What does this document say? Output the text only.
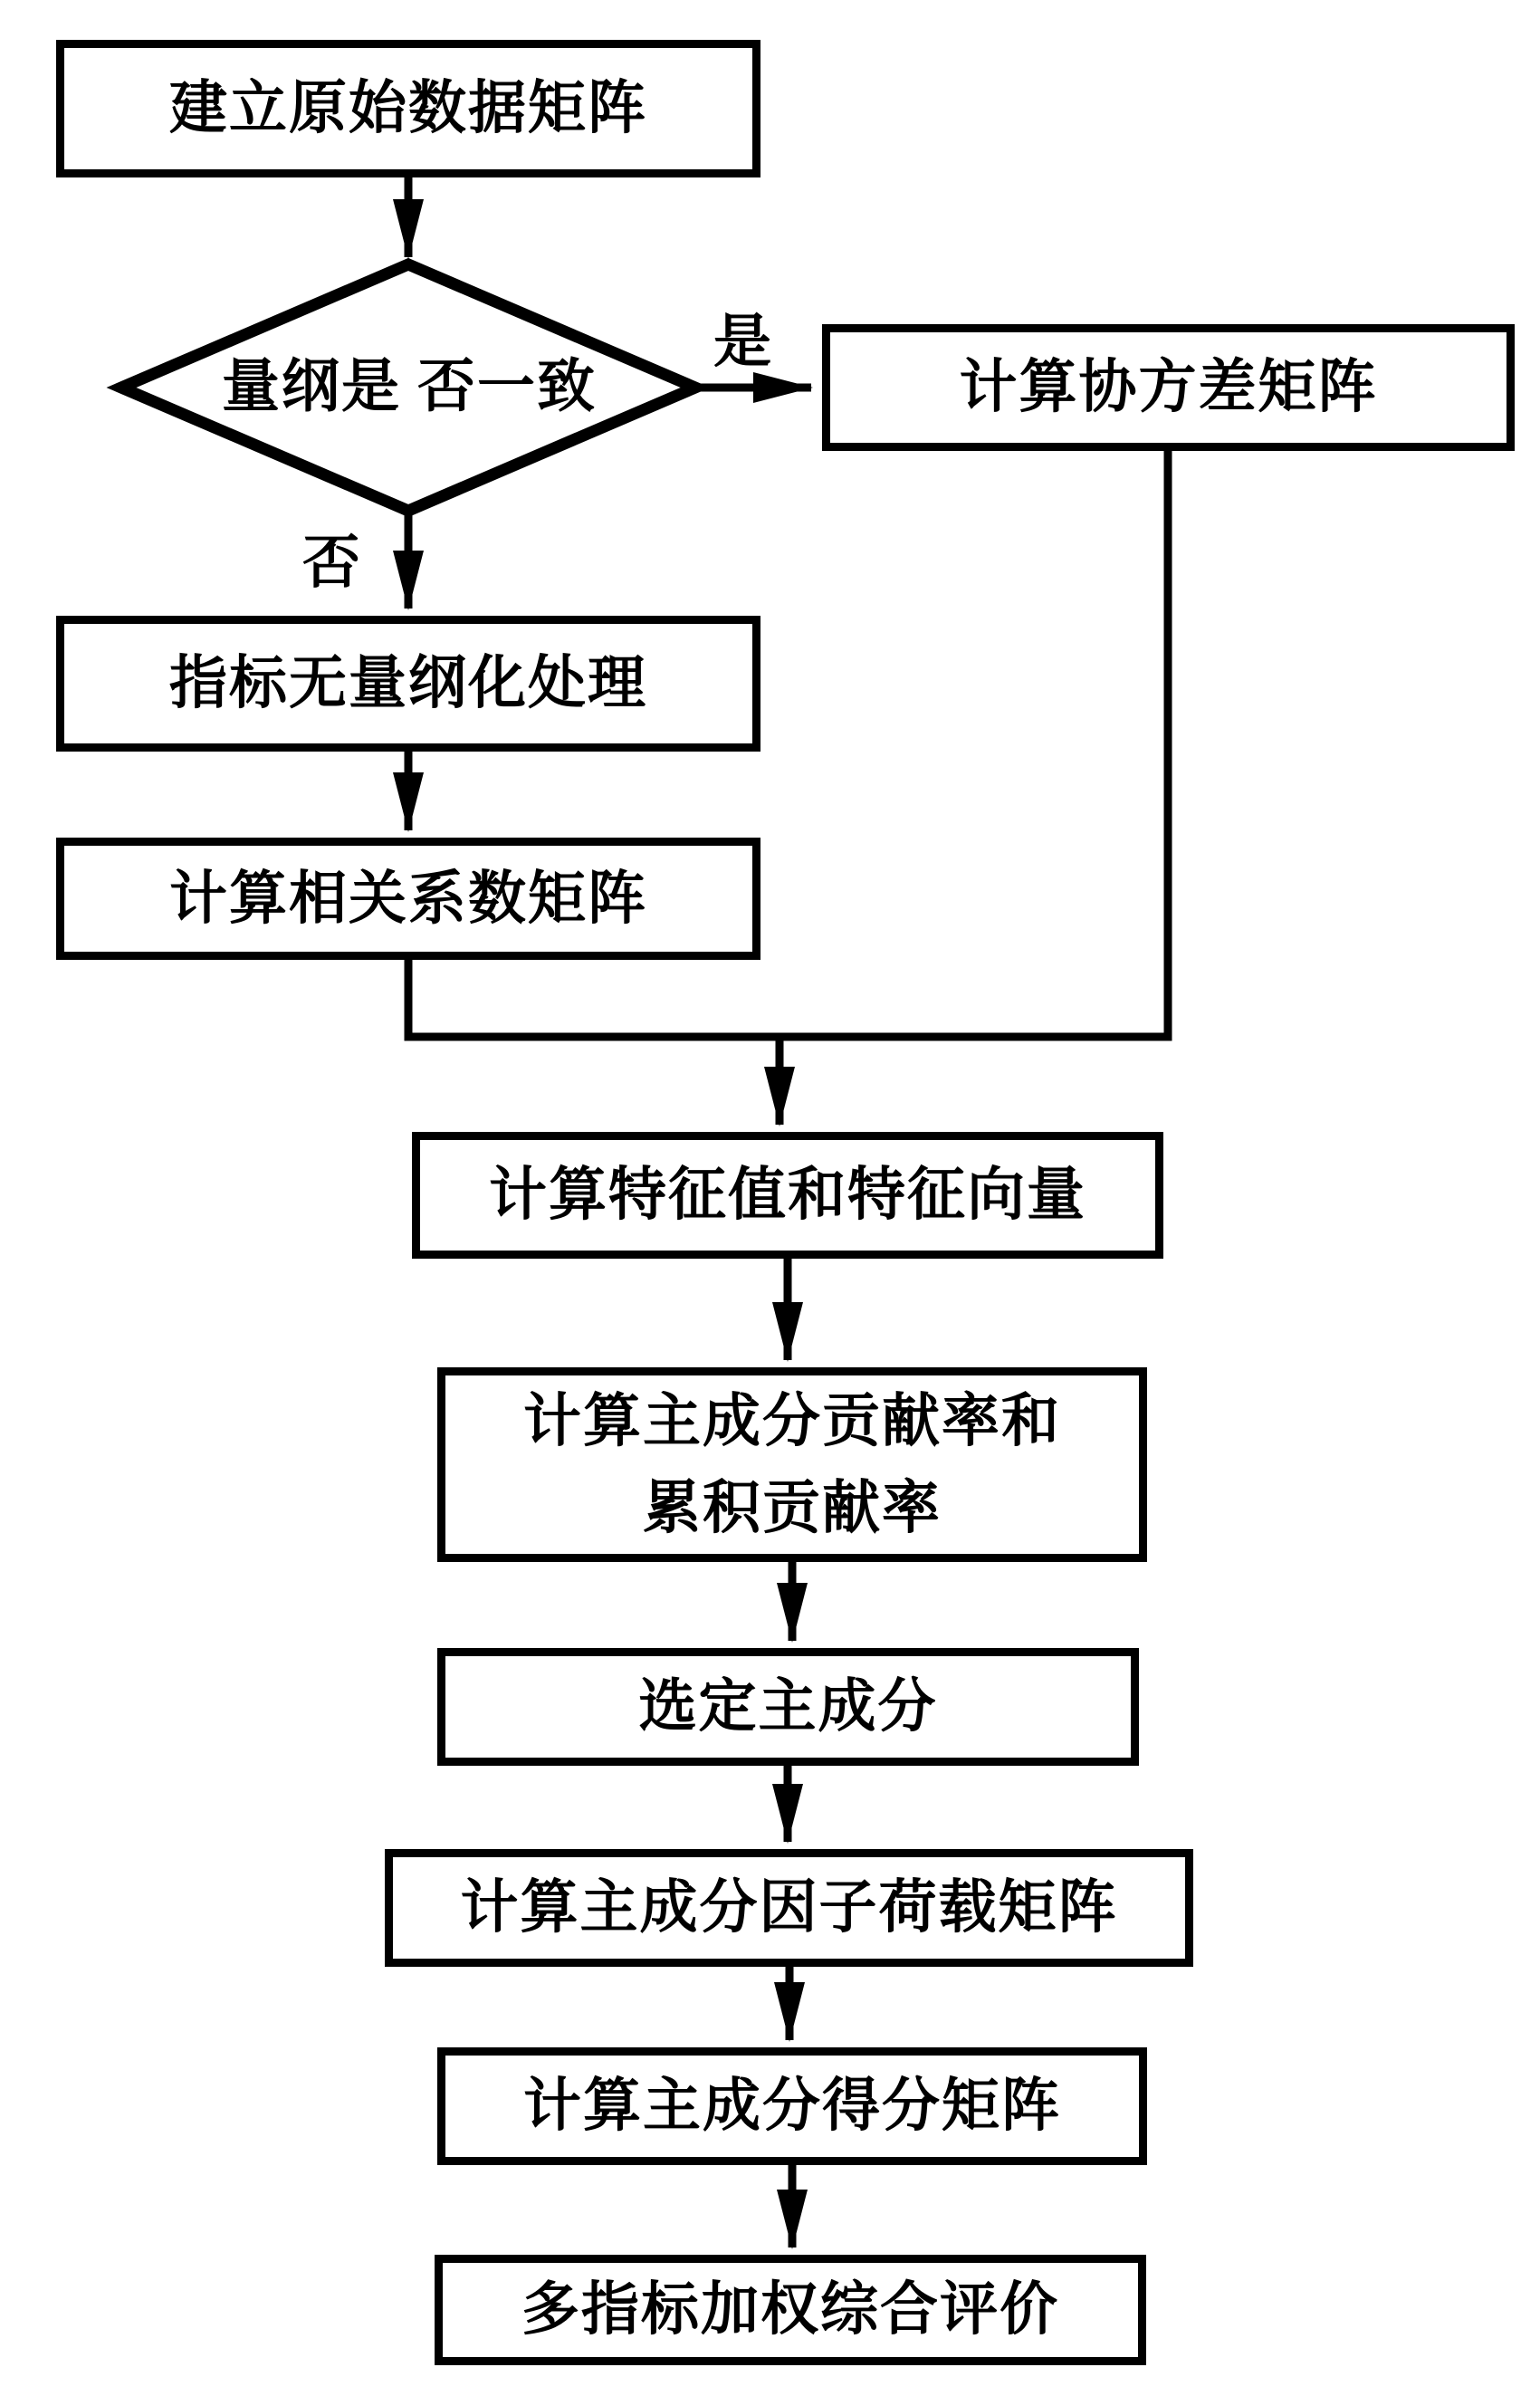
建立原始数据矩阵
计算协方差矩阵
指标无量纲化处理
计算相关系数矩阵
计算特征值和特征向量
计算主成分贡献率和
累积贡献率
选定主成分
计算主成分因子荷载矩阵
计算主成分得分矩阵
多指标加权综合评价
量纲是 否一致
是
否
